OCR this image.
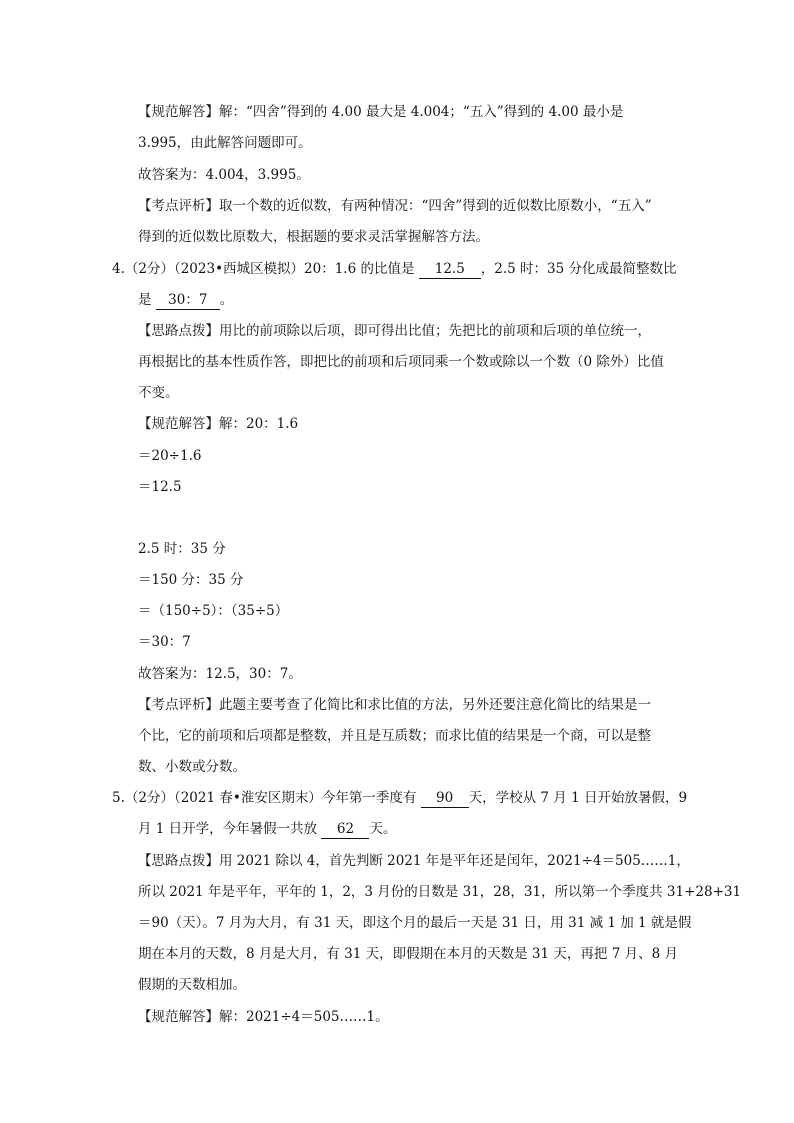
【规范解答】解：“四舍”得到的 4.00 最大是 4.004；“五入”得到的 4.00 最小是
3.995，由此解答问题即可。
故答案为：4.004，3.995。
【考点评析】取一个数的近似数，有两种情况：“四舍”得到的近似数比原数小，“五入”
得到的近似数比原数大，根据题的要求灵活掌握解答方法。
4.（2分）（2023•西城区模拟）20：1.6 的比值是 12.5 ，2.5 时：35 分化成最简整数比
是 30：7 。
【思路点拨】用比的前项除以后项，即可得出比值；先把比的前项和后项的单位统一，
再根据比的基本性质作答，即把比的前项和后项同乘一个数或除以一个数（0 除外）比值
不变。
【规范解答】解：20：1.6
＝20÷1.6
＝12.5
2.5 时：35 分
＝150 分：35 分
＝（150÷5）：（35÷5）
＝30：7
故答案为：12.5，30：7。
【考点评析】此题主要考查了化简比和求比值的方法，另外还要注意化简比的结果是一
个比，它的前项和后项都是整数，并且是互质数；而求比值的结果是一个商，可以是整
数、小数或分数。
5.（2分）（2021 春•淮安区期末）今年第一季度有 90 天，学校从 7 月 1 日开始放暑假，9
月 1 日开学，今年暑假一共放 62 天。
【思路点拨】用 2021 除以 4，首先判断 2021 年是平年还是闰年，2021÷4＝505……1，
所以 2021 年是平年，平年的 1，2，3 月份的日数是 31，28，31，所以第一个季度共 31+28+31
＝90（天）。7 月为大月，有 31 天，即这个月的最后一天是 31 日，用 31 减 1 加 1 就是假
期在本月的天数，8 月是大月，有 31 天，即假期在本月的天数是 31 天，再把 7 月、8 月
假期的天数相加。
【规范解答】解：2021÷4＝505……1。
